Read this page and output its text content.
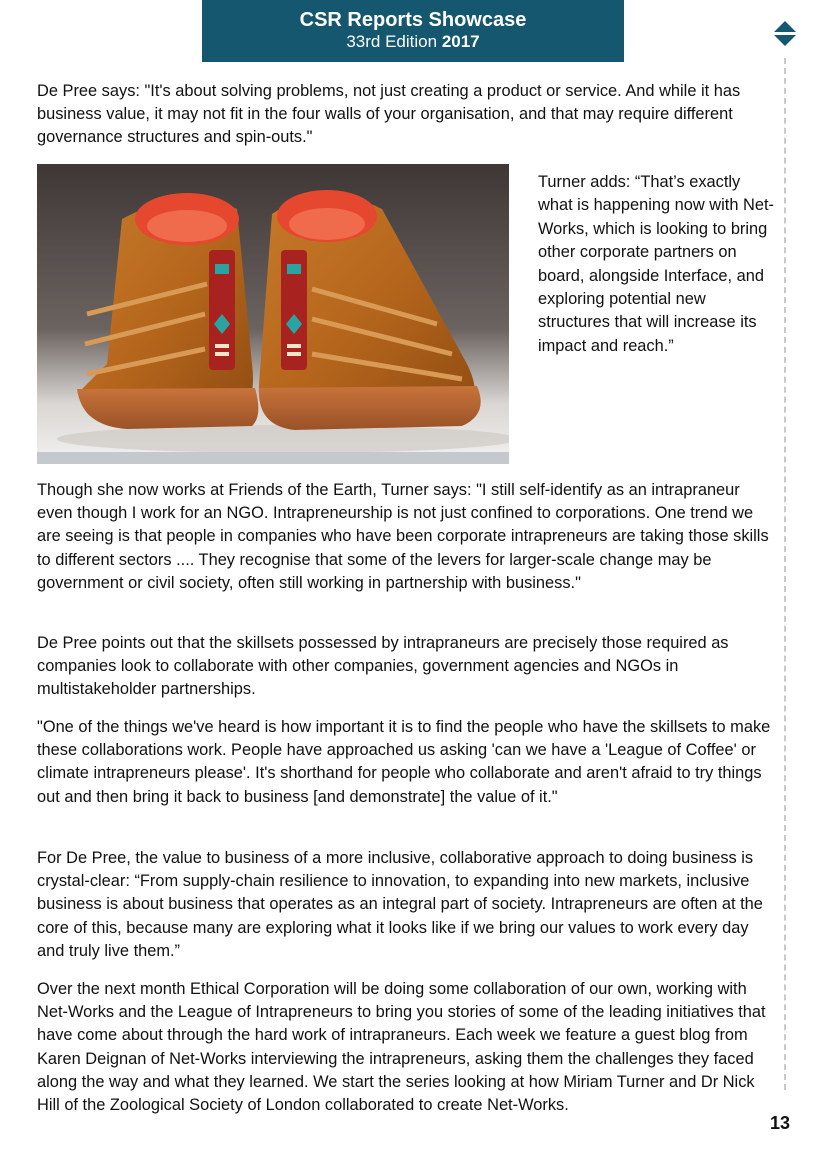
CSR Reports Showcase
33rd Edition 2017

De Pree says: "It's about solving problems, not just creating a product or service. And while it has business value, it may not fit in the four walls of your organisation, and that may require different governance structures and spin-outs."

Turner adds: “That’s exactly what is happening now with Net-Works, which is looking to bring other corporate partners on board, alongside Interface, and exploring potential new structures that will increase its impact and reach.”

Though she now works at Friends of the Earth, Turner says: "I still self-identify as an intrapraneur even though I work for an NGO. Intrapreneurship is not just confined to corporations. One trend we are seeing is that people in companies who have been corporate intrapreneurs are taking those skills to different sectors .... They recognise that some of the levers for larger-scale change may be government or civil society, often still working in partnership with business."

De Pree points out that the skillsets possessed by intrapraneurs are precisely those required as companies look to collaborate with other companies, government agencies and NGOs in multistakeholder partnerships.

"One of the things we've heard is how important it is to find the people who have the skillsets to make these collaborations work. People have approached us asking 'can we have a 'League of Coffee' or climate intrapreneurs please'. It's shorthand for people who collaborate and aren't afraid to try things out and then bring it back to business [and demonstrate] the value of it."

For De Pree, the value to business of a more inclusive, collaborative approach to doing business is crystal-clear: “From supply-chain resilience to innovation, to expanding into new markets, inclusive business is about business that operates as an integral part of society. Intrapreneurs are often at the core of this, because many are exploring what it looks like if we bring our values to work every day and truly live them.”

Over the next month Ethical Corporation will be doing some collaboration of our own, working with Net-Works and the League of Intrapreneurs to bring you stories of some of the leading initiatives that have come about through the hard work of intrapraneurs. Each week we feature a guest blog from Karen Deignan of Net-Works interviewing the intrapreneurs, asking them the challenges they faced along the way and what they learned. We start the series looking at how Miriam Turner and Dr Nick Hill of the Zoological Society of London collaborated to create Net-Works.

13
